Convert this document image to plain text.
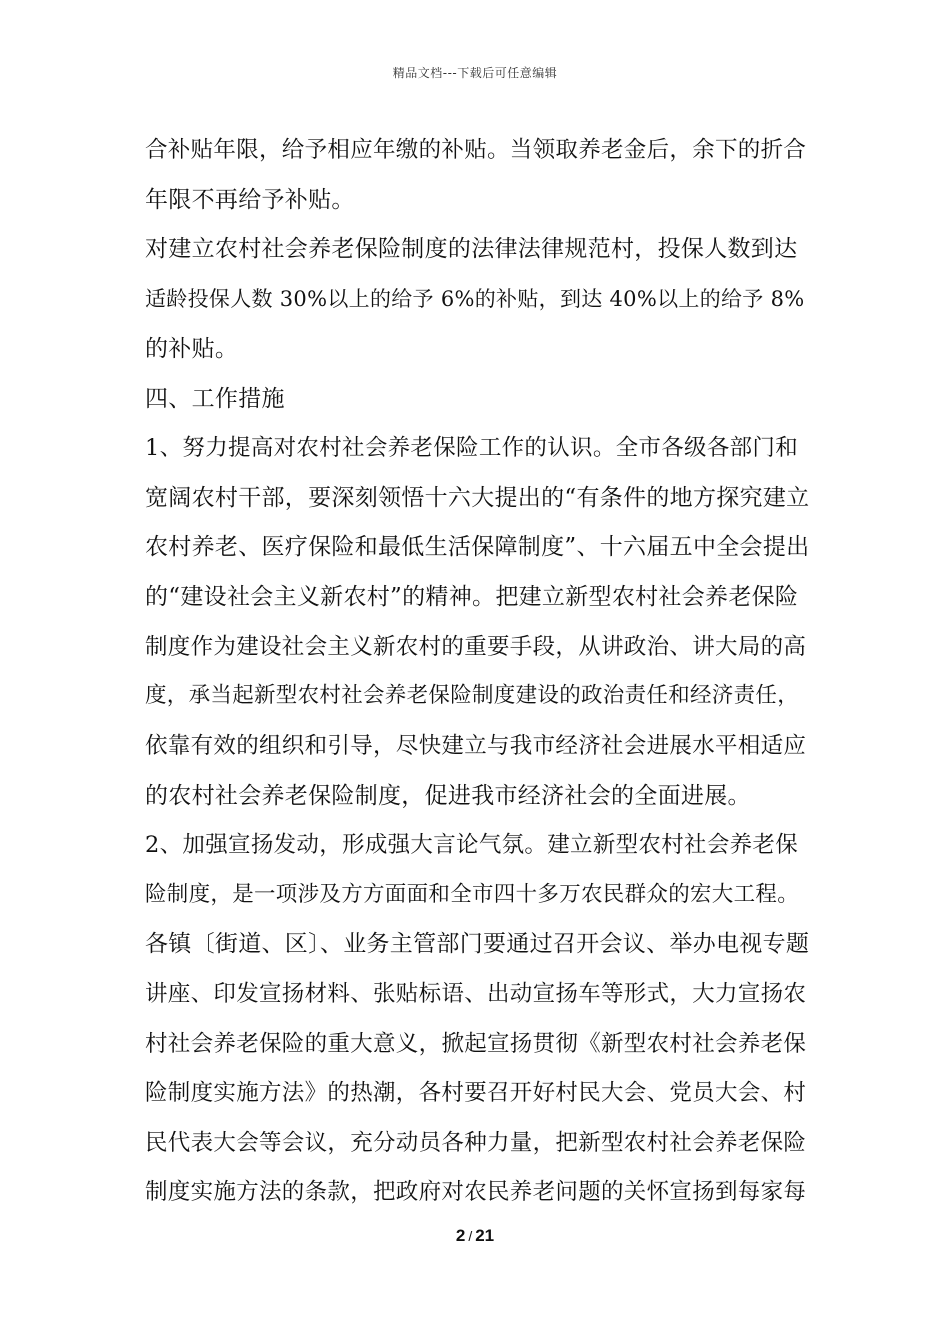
精品文档---下载后可任意编辑
合补贴年限，给予相应年缴的补贴。当领取养老金后，余下的折合
年限不再给予补贴。
对建立农村社会养老保险制度的法律法律规范村，投保人数到达
适龄投保人数 30%以上的给予 6%的补贴，到达 40%以上的给予 8%
的补贴。
四、工作措施
1、努力提高对农村社会养老保险工作的认识。全市各级各部门和
宽阔农村干部，要深刻领悟十六大提出的“有条件的地方探究建立
农村养老、医疗保险和最低生活保障制度”、十六届五中全会提出
的“建设社会主义新农村”的精神。把建立新型农村社会养老保险
制度作为建设社会主义新农村的重要手段，从讲政治、讲大局的高
度，承当起新型农村社会养老保险制度建设的政治责任和经济责任，
依靠有效的组织和引导，尽快建立与我市经济社会进展水平相适应
的农村社会养老保险制度，促进我市经济社会的全面进展。
2、加强宣扬发动，形成强大言论气氛。建立新型农村社会养老保
险制度，是一项涉及方方面面和全市四十多万农民群众的宏大工程。
各镇〔街道、区〕、业务主管部门要通过召开会议、举办电视专题
讲座、印发宣扬材料、张贴标语、出动宣扬车等形式，大力宣扬农
村社会养老保险的重大意义，掀起宣扬贯彻《新型农村社会养老保
险制度实施方法》的热潮，各村要召开好村民大会、党员大会、村
民代表大会等会议，充分动员各种力量，把新型农村社会养老保险
制度实施方法的条款，把政府对农民养老问题的关怀宣扬到每家每
2 / 21
